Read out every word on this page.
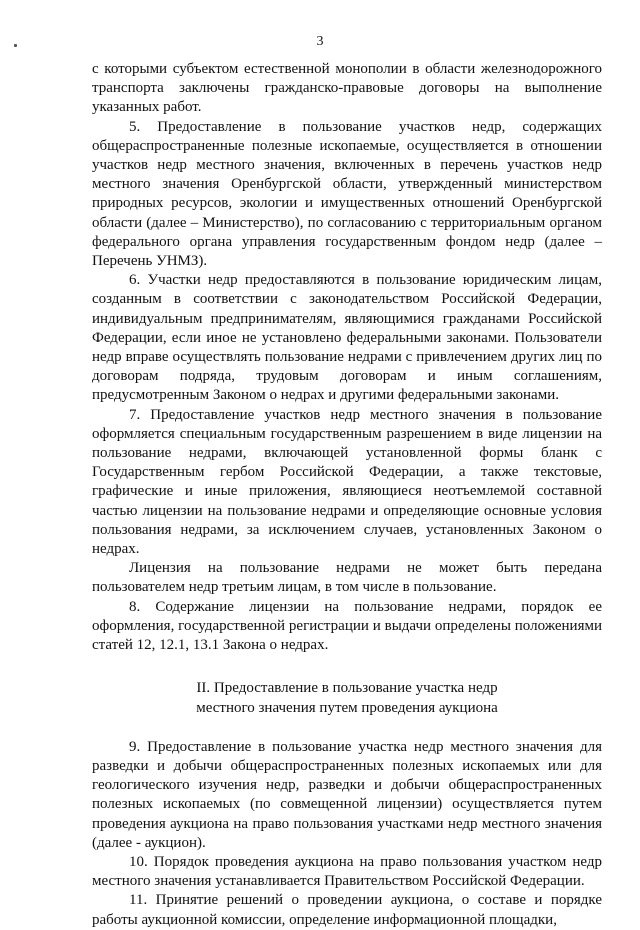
3

с которыми субъектом естественной монополии в области железнодорожного транспорта заключены гражданско-правовые договоры на выполнение указанных работ.

5. Предоставление в пользование участков недр, содержащих общераспространенные полезные ископаемые, осуществляется в отношении участков недр местного значения, включенных в перечень участков недр местного значения Оренбургской области, утвержденный министерством природных ресурсов, экологии и имущественных отношений Оренбургской области (далее – Министерство), по согласованию с территориальным органом федерального органа управления государственным фондом недр (далее – Перечень УНМЗ).

6. Участки недр предоставляются в пользование юридическим лицам, созданным в соответствии с законодательством Российской Федерации, индивидуальным предпринимателям, являющимися гражданами Российской Федерации, если иное не установлено федеральными законами. Пользователи недр вправе осуществлять пользование недрами с привлечением других лиц по договорам подряда, трудовым договорам и иным соглашениям, предусмотренным Законом о недрах и другими федеральными законами.

7. Предоставление участков недр местного значения в пользование оформляется специальным государственным разрешением в виде лицензии на пользование недрами, включающей установленной формы бланк с Государственным гербом Российской Федерации, а также текстовые, графические и иные приложения, являющиеся неотъемлемой составной частью лицензии на пользование недрами и определяющие основные условия пользования недрами, за исключением случаев, установленных Законом о недрах.

Лицензия на пользование недрами не может быть передана пользователем недр третьим лицам, в том числе в пользование.

8. Содержание лицензии на пользование недрами, порядок ее оформления, государственной регистрации и выдачи определены положениями статей 12, 12.1, 13.1 Закона о недрах.

II. Предоставление в пользование участка недр
местного значения путем проведения аукциона

9. Предоставление в пользование участка недр местного значения для разведки и добычи общераспространенных полезных ископаемых или для геологического изучения недр, разведки и добычи общераспространенных полезных ископаемых (по совмещенной лицензии) осуществляется путем проведения аукциона на право пользования участками недр местного значения (далее - аукцион).

10. Порядок проведения аукциона на право пользования участком недр местного значения устанавливается Правительством Российской Федерации.

11. Принятие решений о проведении аукциона, о составе и порядке работы аукционной комиссии, определение информационной площадки,
